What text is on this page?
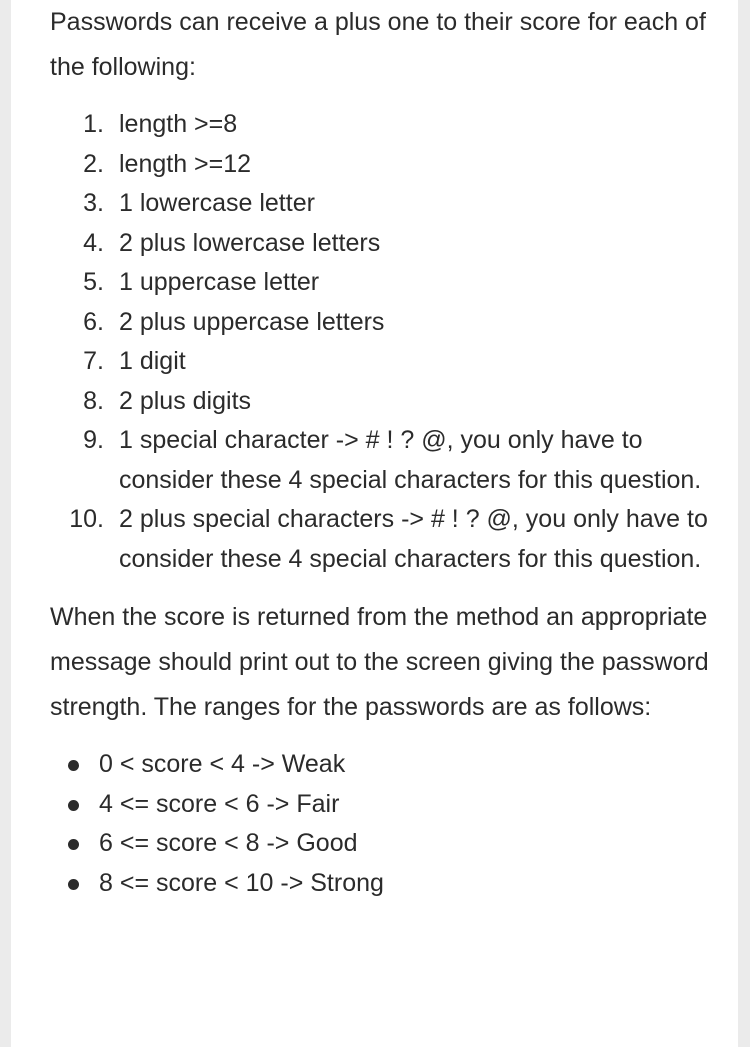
Passwords can receive a plus one to their score for each of the following:

1. length >=8
2. length >=12
3. 1 lowercase letter
4. 2 plus lowercase letters
5. 1 uppercase letter
6. 2 plus uppercase letters
7. 1 digit
8. 2 plus digits
9. 1 special character -> # ! ? @, you only have to consider these 4 special characters for this question.
10. 2 plus special characters -> # ! ? @, you only have to consider these 4 special characters for this question.

When the score is returned from the method an appropriate message should print out to the screen giving the password strength. The ranges for the passwords are as follows:

0 < score < 4 -> Weak
4 <= score < 6 -> Fair
6 <= score < 8 -> Good
8 <= score < 10 -> Strong
